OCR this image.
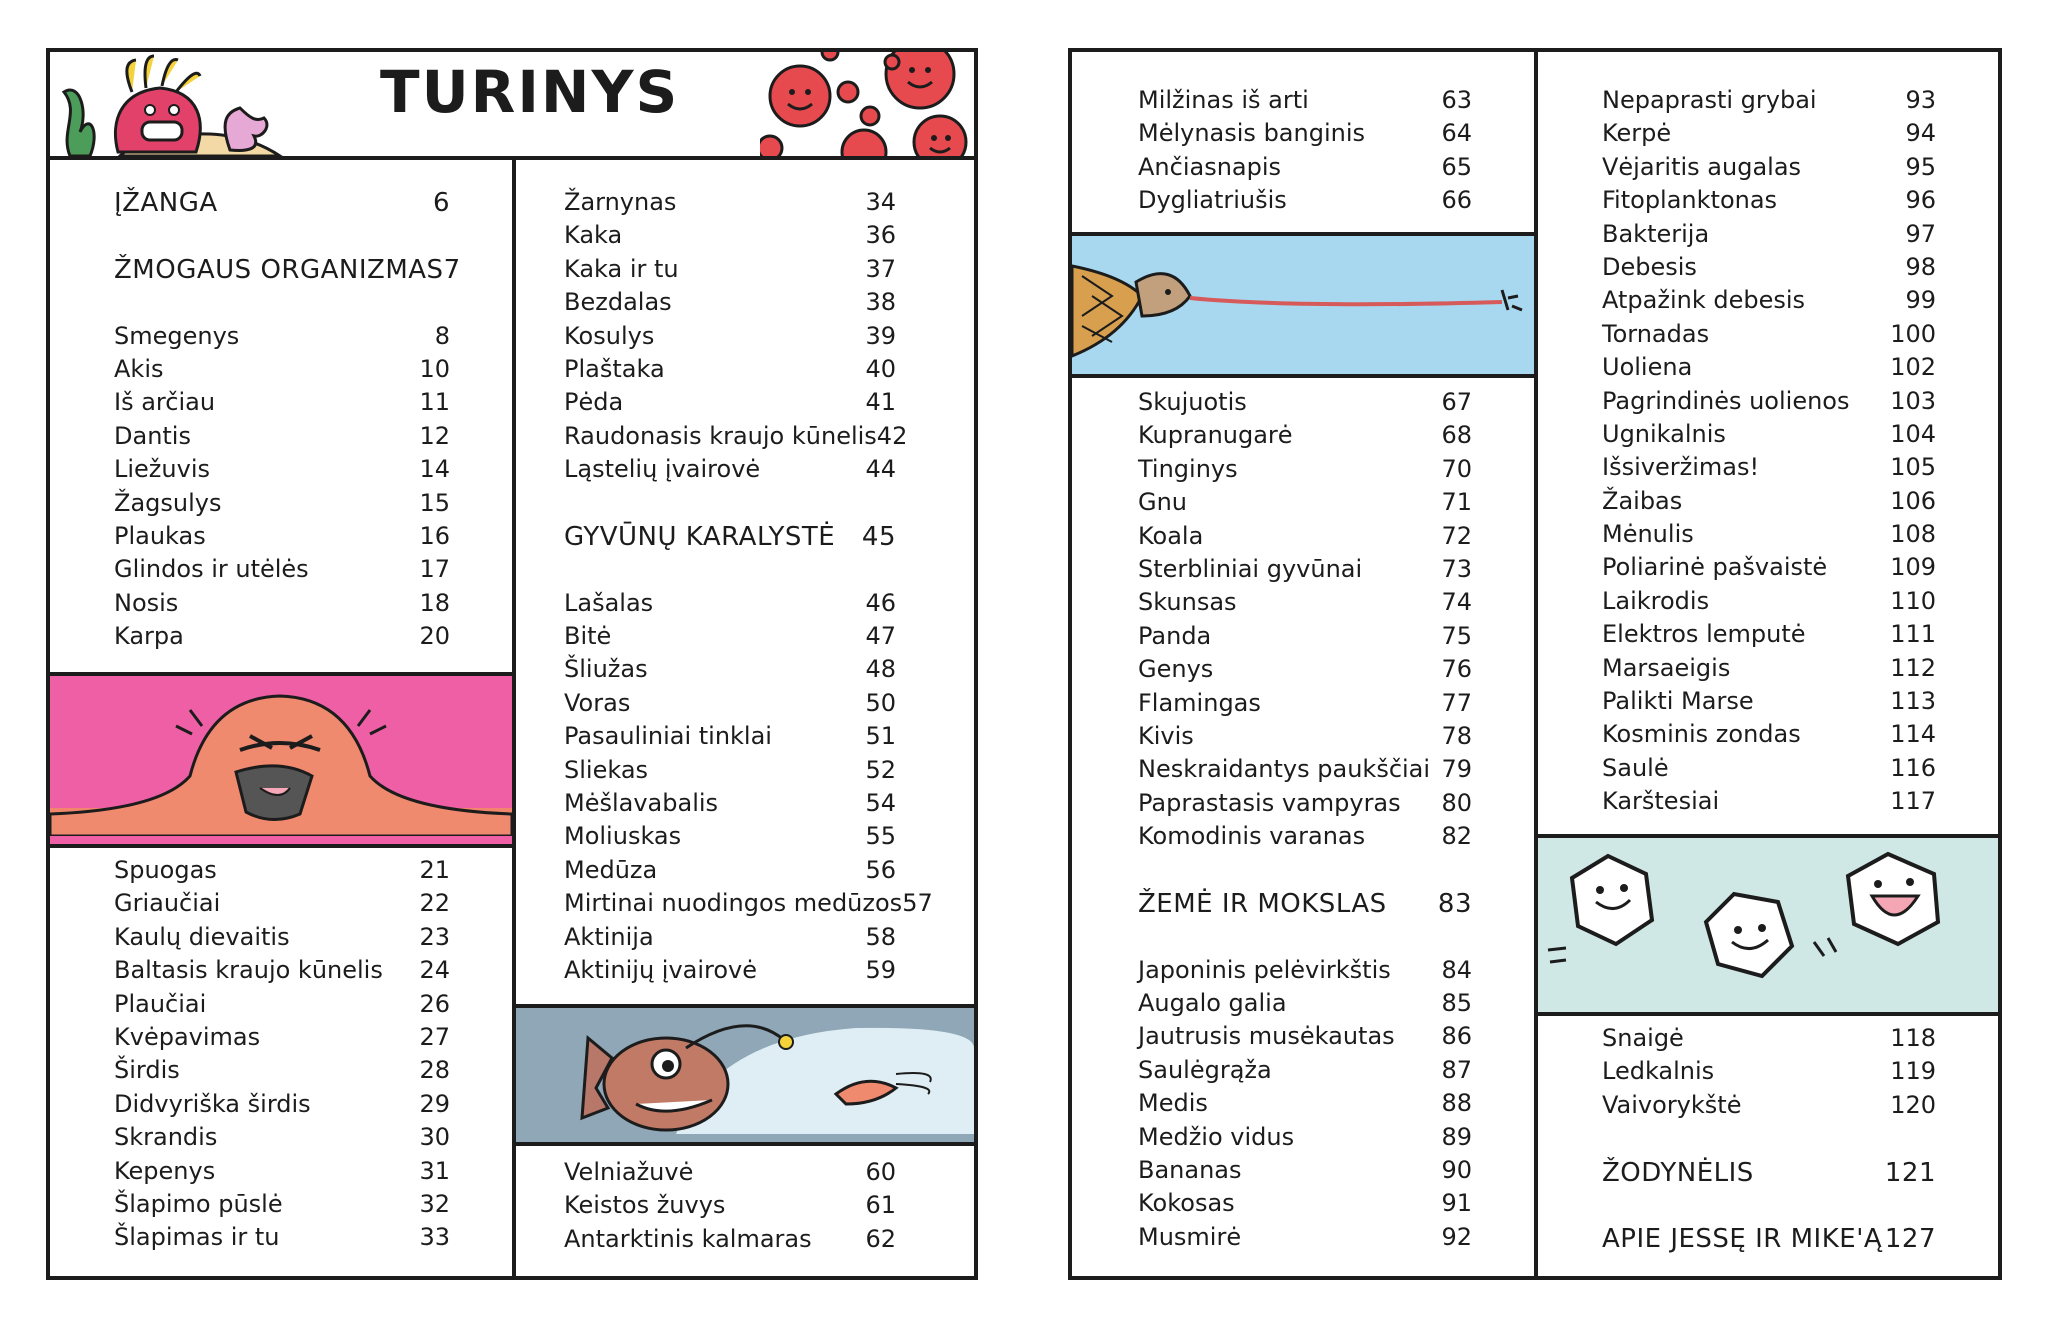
TURINYS
ĮŽANGA	6
ŽMOGAUS ORGANIZMAS 7
Smegenys	8
Akis	10
Iš arčiau	11
Dantis	12
Liežuvis	14
Žagsulys	15
Plaukas	16
Glindos ir utėlės	17
Nosis	18
Karpa	20
Spuogas	21
Griaučiai	22
Kaulų dievaitis	23
Baltasis kraujo kūnelis 24
Plaučiai	26
Kvėpavimas	27
Širdis	28
Didvyriška širdis	29
Skrandis	30
Kepenys	31
Šlapimo pūslė	32
Šlapimas ir tu	33
Žarnynas	34
Kaka	36
Kaka ir tu	37
Bezdalas	38
Kosulys	39
Plaštaka	40
Pėda	41
Raudonasis kraujo kūnelis 42
Ląstelių įvairovė	44
GYVŪNŲ KARALYSTĖ 45
Lašalas	46
Bitė	47
Šliužas	48
Voras	50
Pasauliniai tinklai	51
Sliekas	52
Mėšlavabalis	54
Moliuskas	55
Medūza	56
Mirtinai nuodingos medūzos 57
Aktinija	58
Aktinijų įvairovė	59
Velniažuvė	60
Keistos žuvys	61
Antarktinis kalmaras 62
Milžinas iš arti	63
Mėlynasis banginis	64
Ančiasnapis	65
Dygliatriušis	66
Skujuotis	67
Kupranugarė	68
Tinginys	70
Gnu	71
Koala	72
Sterbliniai gyvūnai	73
Skunsas	74
Panda	75
Genys	76
Flamingas	77
Kivis	78
Neskraidantys paukščiai 79
Paprastasis vampyras 80
Komodinis varanas	82
ŽEMĖ IR MOKSLAS 83
Japoninis pelėvirkštis 84
Augalo galia	85
Jautrusis musėkautas 86
Saulėgrąža	87
Medis	88
Medžio vidus	89
Bananas	90
Kokosas	91
Musmirė	92
Nepaprasti grybai	93
Kerpė	94
Vėjaritis augalas	95
Fitoplanktonas	96
Bakterija	97
Debesis	98
Atpažink debesis	99
Tornadas	100
Uoliena	102
Pagrindinės uolienos 103
Ugnikalnis	104
Išsiveržimas!	105
Žaibas	106
Mėnulis	108
Poliarinė pašvaistė	109
Laikrodis	110
Elektros lemputė	111
Marsaeigis	112
Palikti Marse	113
Kosminis zondas	114
Saulė	116
Karštesiai	117
Snaigė	118
Ledkalnis	119
Vaivorykštė	120
ŽODYNĖLIS	121
APIE JESSĘ IR MIKE'Ą 127
